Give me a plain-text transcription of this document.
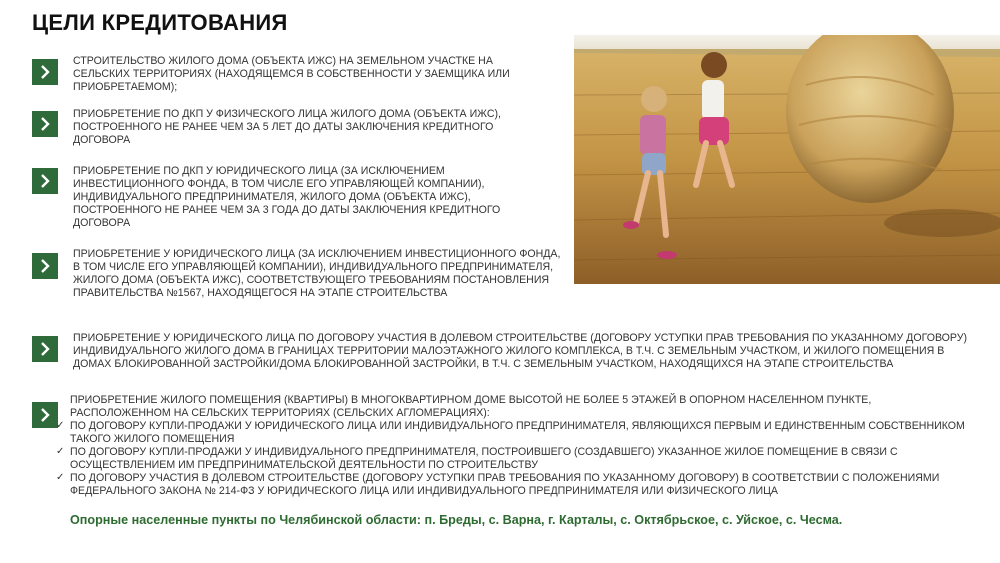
ЦЕЛИ КРЕДИТОВАНИЯ
СТРОИТЕЛЬСТВО ЖИЛОГО ДОМА (ОБЪЕКТА ИЖС) НА ЗЕМЕЛЬНОМ УЧАСТКЕ НА СЕЛЬСКИХ ТЕРРИТОРИЯХ (НАХОДЯЩЕМСЯ В СОБСТВЕННОСТИ У ЗАЕМЩИКА ИЛИ ПРИОБРЕТАЕМОМ);
ПРИОБРЕТЕНИЕ ПО ДКП У ФИЗИЧЕСКОГО ЛИЦА ЖИЛОГО ДОМА (ОБЪЕКТА ИЖС), ПОСТРОЕННОГО НЕ РАНЕЕ ЧЕМ ЗА 5 ЛЕТ ДО ДАТЫ ЗАКЛЮЧЕНИЯ КРЕДИТНОГО ДОГОВОРА
ПРИОБРЕТЕНИЕ ПО ДКП У ЮРИДИЧЕСКОГО ЛИЦА (ЗА ИСКЛЮЧЕНИЕМ ИНВЕСТИЦИОННОГО ФОНДА, В ТОМ ЧИСЛЕ ЕГО УПРАВЛЯЮЩЕЙ КОМПАНИИ), ИНДИВИДУАЛЬНОГО ПРЕДПРИНИМАТЕЛЯ, ЖИЛОГО ДОМА (ОБЪЕКТА ИЖС), ПОСТРОЕННОГО НЕ РАНЕЕ ЧЕМ ЗА 3 ГОДА ДО ДАТЫ ЗАКЛЮЧЕНИЯ КРЕДИТНОГО ДОГОВОРА
ПРИОБРЕТЕНИЕ У ЮРИДИЧЕСКОГО ЛИЦА (ЗА ИСКЛЮЧЕНИЕМ ИНВЕСТИЦИОННОГО ФОНДА, В ТОМ ЧИСЛЕ ЕГО УПРАВЛЯЮЩЕЙ КОМПАНИИ), ИНДИВИДУАЛЬНОГО ПРЕДПРИНИМАТЕЛЯ, ЖИЛОГО ДОМА (ОБЪЕКТА ИЖС), СООТВЕТСТВУЮЩЕГО ТРЕБОВАНИЯМ ПОСТАНОВЛЕНИЯ ПРАВИТЕЛЬСТВА №1567, НАХОДЯЩЕГОСЯ НА ЭТАПЕ СТРОИТЕЛЬСТВА
ПРИОБРЕТЕНИЕ У ЮРИДИЧЕСКОГО ЛИЦА ПО ДОГОВОРУ УЧАСТИЯ В ДОЛЕВОМ СТРОИТЕЛЬСТВЕ (ДОГОВОРУ УСТУПКИ ПРАВ ТРЕБОВАНИЯ ПО УКАЗАННОМУ ДОГОВОРУ) ИНДИВИДУАЛЬНОГО ЖИЛОГО ДОМА В ГРАНИЦАХ ТЕРРИТОРИИ МАЛОЭТАЖНОГО ЖИЛОГО КОМПЛЕКСА, В Т.Ч. С ЗЕМЕЛЬНЫМ УЧАСТКОМ, И ЖИЛОГО ПОМЕЩЕНИЯ В ДОМАХ БЛОКИРОВАННОЙ ЗАСТРОЙКИ/ДОМА БЛОКИРОВАННОЙ ЗАСТРОЙКИ, В Т.Ч. С ЗЕМЕЛЬНЫМ УЧАСТКОМ, НАХОДЯЩИХСЯ НА ЭТАПЕ СТРОИТЕЛЬСТВА
ПРИОБРЕТЕНИЕ ЖИЛОГО ПОМЕЩЕНИЯ (КВАРТИРЫ) В МНОГОКВАРТИРНОМ ДОМЕ ВЫСОТОЙ НЕ БОЛЕЕ 5 ЭТАЖЕЙ В ОПОРНОМ НАСЕЛЕННОМ ПУНКТЕ, РАСПОЛОЖЕННОМ НА СЕЛЬСКИХ ТЕРРИТОРИЯХ (СЕЛЬСКИХ АГЛОМЕРАЦИЯХ):
✓ ПО ДОГОВОРУ КУПЛИ-ПРОДАЖИ У ЮРИДИЧЕСКОГО ЛИЦА ИЛИ ИНДИВИДУАЛЬНОГО ПРЕДПРИНИМАТЕЛЯ, ЯВЛЯЮЩИХСЯ ПЕРВЫМ И ЕДИНСТВЕННЫМ СОБСТВЕННИКОМ ТАКОГО ЖИЛОГО ПОМЕЩЕНИЯ
✓ ПО ДОГОВОРУ КУПЛИ-ПРОДАЖИ У ИНДИВИДУАЛЬНОГО ПРЕДПРИНИМАТЕЛЯ, ПОСТРОИВШЕГО (СОЗДАВШЕГО) УКАЗАННОЕ ЖИЛОЕ ПОМЕЩЕНИЕ В СВЯЗИ С ОСУЩЕСТВЛЕНИЕМ ИМ ПРЕДПРИНИМАТЕЛЬСКОЙ ДЕЯТЕЛЬНОСТИ ПО СТРОИТЕЛЬСТВУ
✓ ПО ДОГОВОРУ УЧАСТИЯ В ДОЛЕВОМ СТРОИТЕЛЬСТВЕ (ДОГОВОРУ УСТУПКИ ПРАВ ТРЕБОВАНИЯ ПО УКАЗАННОМУ ДОГОВОРУ) В СООТВЕТСТВИИ С ПОЛОЖЕНИЯМИ ФЕДЕРАЛЬНОГО ЗАКОНА № 214-ФЗ У ЮРИДИЧЕСКОГО ЛИЦА ИЛИ ИНДИВИДУАЛЬНОГО ПРЕДПРИНИМАТЕЛЯ ИЛИ ФИЗИЧЕСКОГО ЛИЦА
Опорные населенные пункты по Челябинской области: п. Бреды, с. Варна, г. Карталы, с. Октябрьское, с. Уйское, с. Чесма.
